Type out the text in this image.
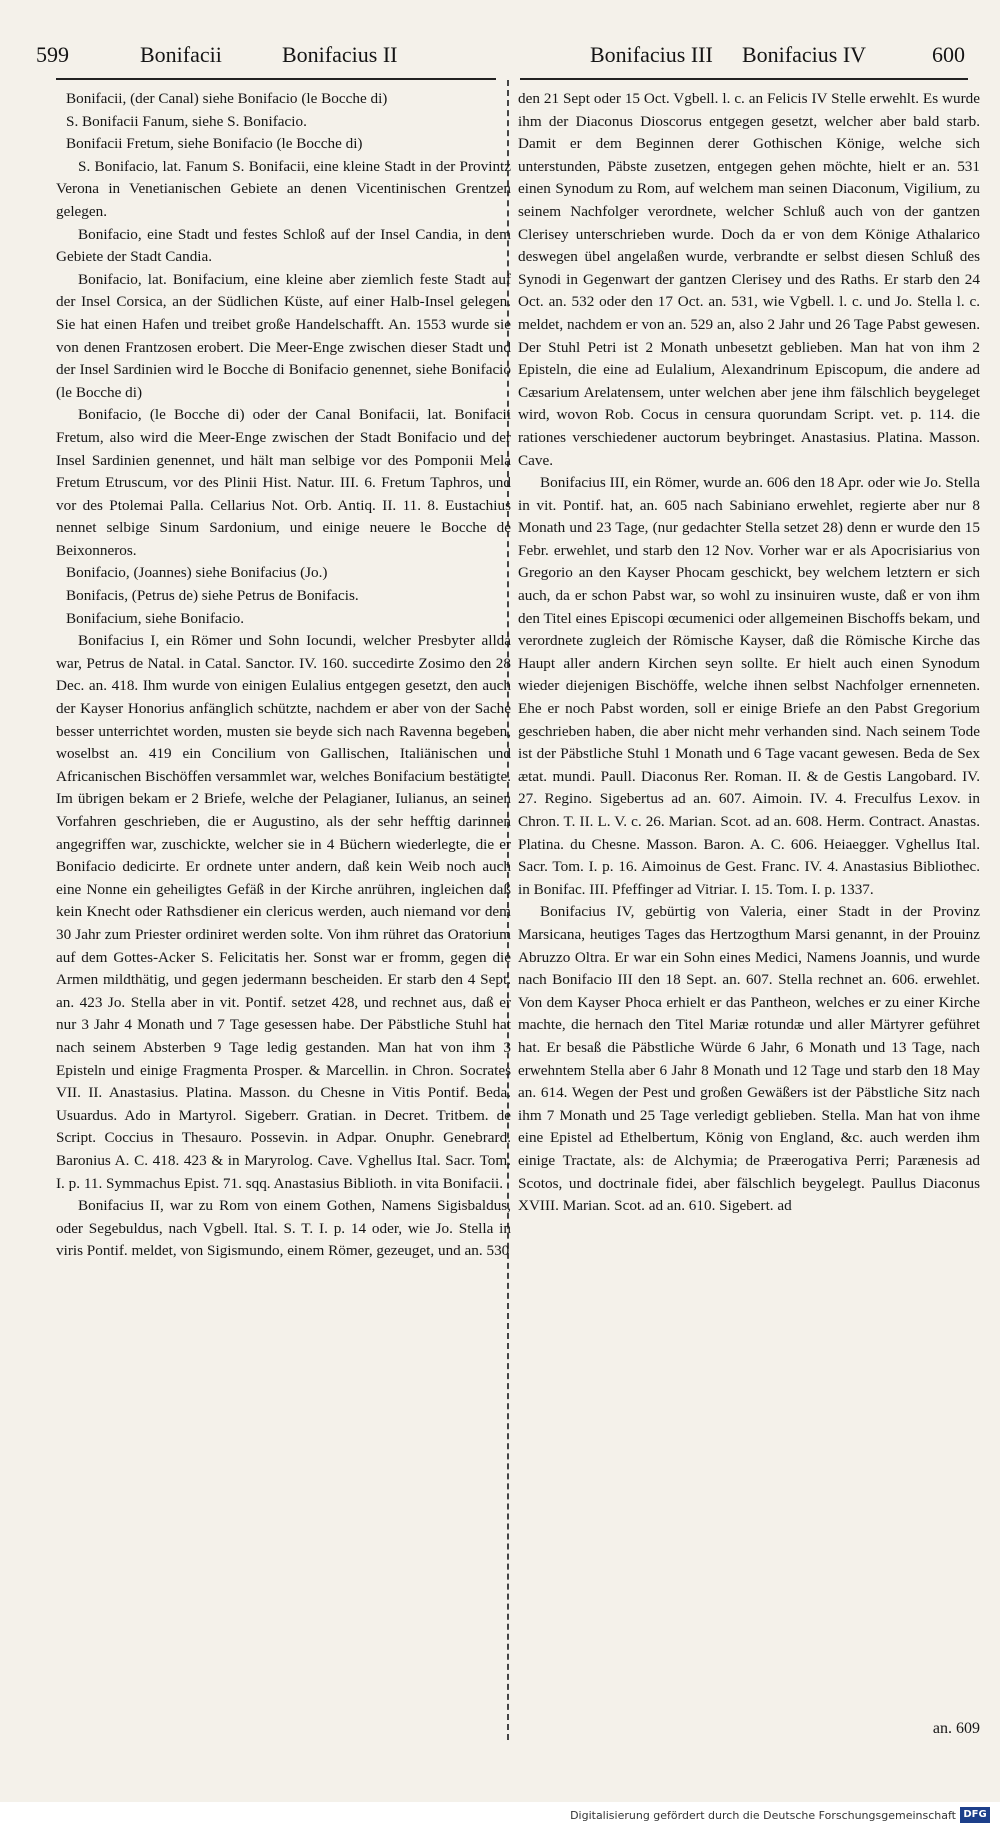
599	Bonifacii	Bonifacius II	Bonifacius III Bonifacius IV	600

Bonifacii, (der Canal) siehe Bonifacio (le Bocche di)

S. Bonifacii Fanum, siehe S. Bonifacio.

Bonifacii Fretum, siehe Bonifacio (le Bocche di)

S. Bonifacio, lat. Fanum S. Bonifacii, eine kleine Stadt in der Provintz Verona in Venetianischen Gebiete an denen Vicentinischen Grentzen gelegen.

Bonifacio, eine Stadt und festes Schloß auf der Insel Candia, in dem Gebiete der Stadt Candia.

Bonifacio, lat. Bonifacium, eine kleine aber ziemlich feste Stadt auf der Insel Corsica, an der Südlichen Küste, auf einer Halb-Insel gelegen. Sie hat einen Hafen und treibet große Handelschafft. An. 1553 wurde sie von denen Frantzosen erobert. Die Meer-Enge zwischen dieser Stadt und der Insel Sardinien wird le Bocche di Bonifacio genennet, siehe Bonifacio (le Bocche di)

Bonifacio, (le Bocche di) oder der Canal Bonifacii, lat. Bonifacii Fretum, also wird die Meer-Enge zwischen der Stadt Bonifacio und der Insel Sardinien genennet, und hält man selbige vor des Pomponii Mela Fretum Etruscum, vor des Plinii Hist. Natur. III. 6. Fretum Taphros, und vor des Ptolemai Palla. Cellarius Not. Orb. Antiq. II. 11. 8. Eustachius nennet selbige Sinum Sardonium, und einige neuere le Bocche de Beixonneros.

Bonifacio, (Joannes) siehe Bonifacius (Jo.)

Bonifacis, (Petrus de) siehe Petrus de Bonifacis.

Bonifacium, siehe Bonifacio.

Bonifacius I, ein Römer und Sohn Iocundi, welcher Presbyter allda war, Petrus de Natal. in Catal. Sanctor. IV. 160. succedirte Zosimo den 28 Dec. an. 418. Ihm wurde von einigen Eulalius entgegen gesetzt, den auch der Kayser Honorius anfänglich schützte, nachdem er aber von der Sache besser unterrichtet worden, musten sie beyde sich nach Ravenna begeben, woselbst an. 419 ein Concilium von Gallischen, Italiänischen und Africanischen Bischöffen versammlet war, welches Bonifacium bestätigte. Im übrigen bekam er 2 Briefe, welche der Pelagianer, Iulianus, an seinen Vorfahren geschrieben, die er Augustino, als der sehr hefftig darinnen angegriffen war, zuschickte, welcher sie in 4 Büchern wiederlegte, die er Bonifacio dedicirte. Er ordnete unter andern, daß kein Weib noch auch eine Nonne ein geheiligtes Gefäß in der Kirche anrühren, ingleichen daß kein Knecht oder Rathsdiener ein clericus werden, auch niemand vor dem 30 Jahr zum Priester ordiniret werden solte. Von ihm rühret das Oratorium auf dem Gottes-Acker S. Felicitatis her. Sonst war er fromm, gegen die Armen mildthätig, und gegen jedermann bescheiden. Er starb den 4 Sept. an. 423 Jo. Stella aber in vit. Pontif. setzet 428, und rechnet aus, daß er nur 3 Jahr 4 Monath und 7 Tage gesessen habe. Der Päbstliche Stuhl hat nach seinem Absterben 9 Tage ledig gestanden. Man hat von ihm 3 Episteln und einige Fragmenta Prosper. & Marcellin. in Chron. Socrates VII. II. Anastasius. Platina. Masson. du Chesne in Vitis Pontif. Beda. Usuardus. Ado in Martyrol. Sigeberr. Gratian. in Decret. Tritbem. de Script. Coccius in Thesauro. Possevin. in Adpar. Onuphr. Genebrard. Baronius A. C. 418. 423 & in Maryrolog. Cave. Vghellus Ital. Sacr. Tom. I. p. 11. Symmachus Epist. 71. sqq. Anastasius Biblioth. in vita Bonifacii.

Bonifacius II, war zu Rom von einem Gothen, Namens Sigisbaldus, oder Segebuldus, nach Vgbell. Ital. S. T. I. p. 14 oder, wie Jo. Stella in viris Pontif. meldet, von Sigismundo, einem Römer, gezeuget, und an. 530

den 21 Sept oder 15 Oct. Vgbell. l. c. an Felicis IV Stelle erwehlt. Es wurde ihm der Diaconus Dioscorus entgegen gesetzt, welcher aber bald starb. Damit er dem Beginnen derer Gothischen Könige, welche sich unterstunden, Päbste zusetzen, entgegen gehen möchte, hielt er an. 531 einen Synodum zu Rom, auf welchem man seinen Diaconum, Vigilium, zu seinem Nachfolger verordnete, welcher Schluß auch von der gantzen Clerisey unterschrieben wurde. Doch da er von dem Könige Athalarico deswegen übel angelaßen wurde, verbrandte er selbst diesen Schluß des Synodi in Gegenwart der gantzen Clerisey und des Raths. Er starb den 24 Oct. an. 532 oder den 17 Oct. an. 531, wie Vgbell. l. c. und Jo. Stella l. c. meldet, nachdem er von an. 529 an, also 2 Jahr und 26 Tage Pabst gewesen. Der Stuhl Petri ist 2 Monath unbesetzt geblieben. Man hat von ihm 2 Episteln, die eine ad Eulalium, Alexandrinum Episcopum, die andere ad Cæsarium Arelatensem, unter welchen aber jene ihm fälschlich beygeleget wird, wovon Rob. Cocus in censura quorundam Script. vet. p. 114. die rationes verschiedener auctorum beybringet. Anastasius. Platina. Masson. Cave.

Bonifacius III, ein Römer, wurde an. 606 den 18 Apr. oder wie Jo. Stella in vit. Pontif. hat, an. 605 nach Sabiniano erwehlet, regierte aber nur 8 Monath und 23 Tage, (nur gedachter Stella setzet 28) denn er wurde den 15 Febr. erwehlet, und starb den 12 Nov. Vorher war er als Apocrisiarius von Gregorio an den Kayser Phocam geschickt, bey welchem letztern er sich auch, da er schon Pabst war, so wohl zu insinuiren wuste, daß er von ihm den Titel eines Episcopi œcumenici oder allgemeinen Bischoffs bekam, und verordnete zugleich der Römische Kayser, daß die Römische Kirche das Haupt aller andern Kirchen seyn sollte. Er hielt auch einen Synodum wieder diejenigen Bischöffe, welche ihnen selbst Nachfolger ernenneten. Ehe er noch Pabst worden, soll er einige Briefe an den Pabst Gregorium geschrieben haben, die aber nicht mehr verhanden sind. Nach seinem Tode ist der Päbstliche Stuhl 1 Monath und 6 Tage vacant gewesen. Beda de Sex ætat. mundi. Paull. Diaconus Rer. Roman. II. & de Gestis Langobard. IV. 27. Regino. Sigebertus ad an. 607. Aimoin. IV. 4. Freculfus Lexov. in Chron. T. II. L. V. c. 26. Marian. Scot. ad an. 608. Herm. Contract. Anastas. Platina. du Chesne. Masson. Baron. A. C. 606. Heiaegger. Vghellus Ital. Sacr. Tom. I. p. 16. Aimoinus de Gest. Franc. IV. 4. Anastasius Bibliothec. in Bonifac. III. Pfeffinger ad Vitriar. I. 15. Tom. I. p. 1337.

Bonifacius IV, gebürtig von Valeria, einer Stadt in der Provinz Marsicana, heutiges Tages das Hertzogthum Marsi genannt, in der Prouinz Abruzzo Oltra. Er war ein Sohn eines Medici, Namens Joannis, und wurde nach Bonifacio III den 18 Sept. an. 607. Stella rechnet an. 606. erwehlet. Von dem Kayser Phoca erhielt er das Pantheon, welches er zu einer Kirche machte, die hernach den Titel Mariæ rotundæ und aller Märtyrer geführet hat. Er besaß die Päbstliche Würde 6 Jahr, 6 Monath und 13 Tage, nach erwehntem Stella aber 6 Jahr 8 Monath und 12 Tage und starb den 18 May an. 614. Wegen der Pest und großen Gewäßers ist der Päbstliche Sitz nach ihm 7 Monath und 25 Tage verledigt geblieben. Stella. Man hat von ihme eine Epistel ad Ethelbertum, König von England, &c. auch werden ihm einige Tractate, als: de Alchymia; de Præerogativa Perri; Parænesis ad Scotos, und doctrinale fidei, aber fälschlich beygelegt. Paullus Diaconus XVIII. Marian. Scot. ad an. 610. Sigebert. ad

an. 609
Digitalisierung gefördert durch die Deutsche Forschungsgemeinschaft DFG
